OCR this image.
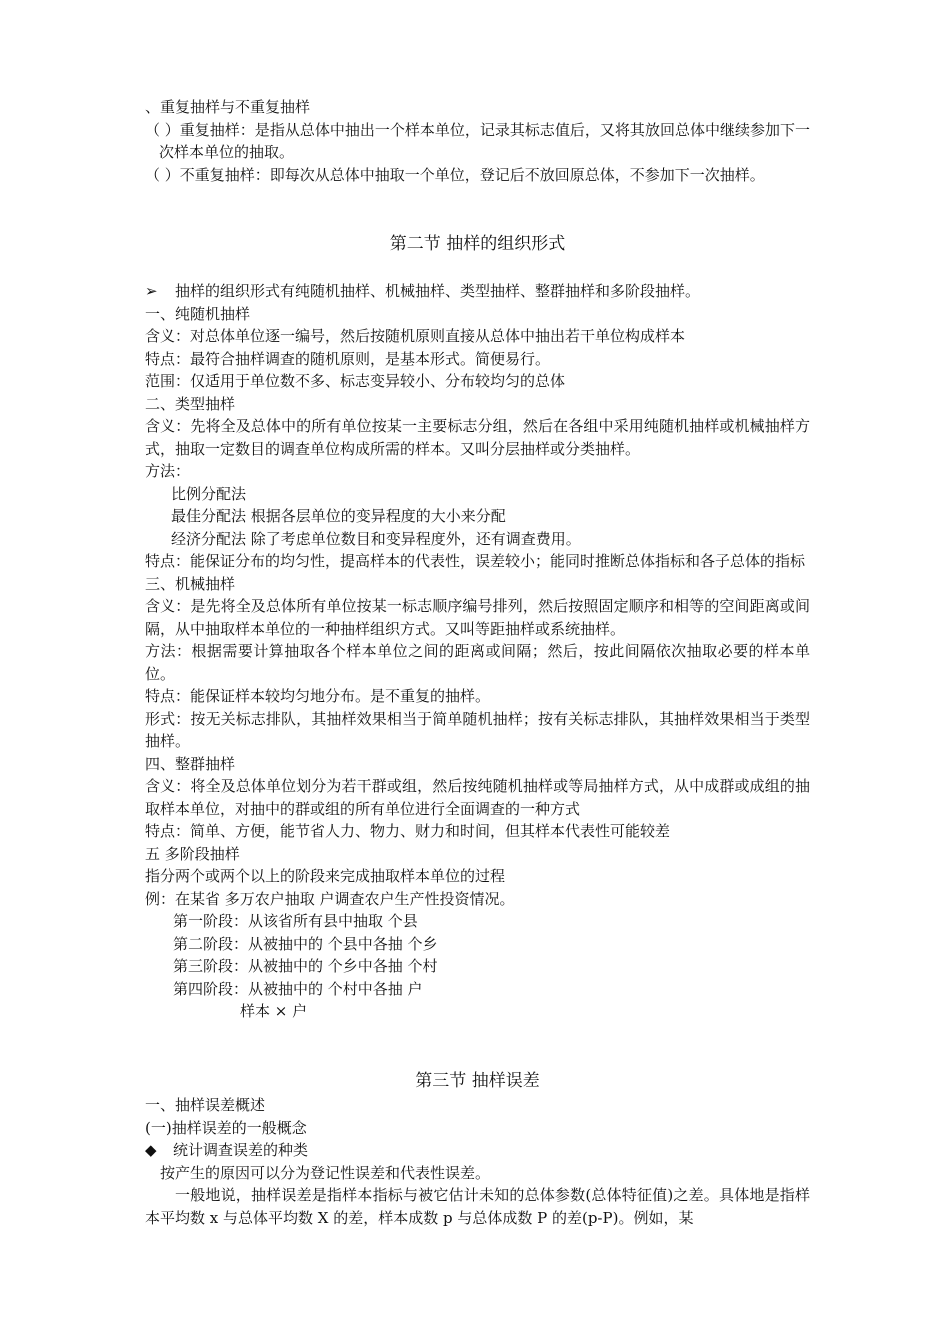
、重复抽样与不重复抽样

（ ）重复抽样：是指从总体中抽出一个样本单位，记录其标志值后，又将其放回总体中继续参加下一次样本单位的抽取。

（ ）不重复抽样：即每次从总体中抽取一个单位，登记后不放回原总体，不参加下一次抽样。

第二节 抽样的组织形式

➢	抽样的组织形式有纯随机抽样、机械抽样、类型抽样、整群抽样和多阶段抽样。

一、纯随机抽样

含义：对总体单位逐一编号，然后按随机原则直接从总体中抽出若干单位构成样本

特点：最符合抽样调查的随机原则，是基本形式。简便易行。

范围：仅适用于单位数不多、标志变异较小、分布较均匀的总体

二、类型抽样

含义：先将全及总体中的所有单位按某一主要标志分组，然后在各组中采用纯随机抽样或机械抽样方式，抽取一定数目的调查单位构成所需的样本。又叫分层抽样或分类抽样。

方法：

比例分配法

最佳分配法 根据各层单位的变异程度的大小来分配

经济分配法 除了考虑单位数目和变异程度外，还有调查费用。

特点：能保证分布的均匀性，提高样本的代表性，误差较小；能同时推断总体指标和各子总体的指标

三、机械抽样

含义：是先将全及总体所有单位按某一标志顺序编号排列，然后按照固定顺序和相等的空间距离或间隔，从中抽取样本单位的一种抽样组织方式。又叫等距抽样或系统抽样。

方法：根据需要计算抽取各个样本单位之间的距离或间隔；然后，按此间隔依次抽取必要的样本单位。

特点：能保证样本较均匀地分布。是不重复的抽样。

形式：按无关标志排队，其抽样效果相当于简单随机抽样；按有关标志排队，其抽样效果相当于类型抽样。

四、整群抽样

含义：将全及总体单位划分为若干群或组，然后按纯随机抽样或等局抽样方式，从中成群或成组的抽取样本单位，对抽中的群或组的所有单位进行全面调查的一种方式

特点：简单、方便，能节省人力、物力、财力和时间，但其样本代表性可能较差

五 多阶段抽样

指分两个或两个以上的阶段来完成抽取样本单位的过程

例：在某省 多万农户抽取 户调查农户生产性投资情况。

第一阶段：从该省所有县中抽取 个县

第二阶段：从被抽中的 个县中各抽 个乡

第三阶段：从被抽中的 个乡中各抽 个村

第四阶段：从被抽中的 个村中各抽 户

样本 × 户

第三节 抽样误差

一、抽样误差概述

(一)抽样误差的一般概念

◆	统计调查误差的种类

按产生的原因可以分为登记性误差和代表性误差。

一般地说，抽样误差是指样本指标与被它估计未知的总体参数(总体特征值)之差。具体地是指样本平均数 x 与总体平均数 X 的差，样本成数 p 与总体成数 P 的差(p-P)。例如，某
